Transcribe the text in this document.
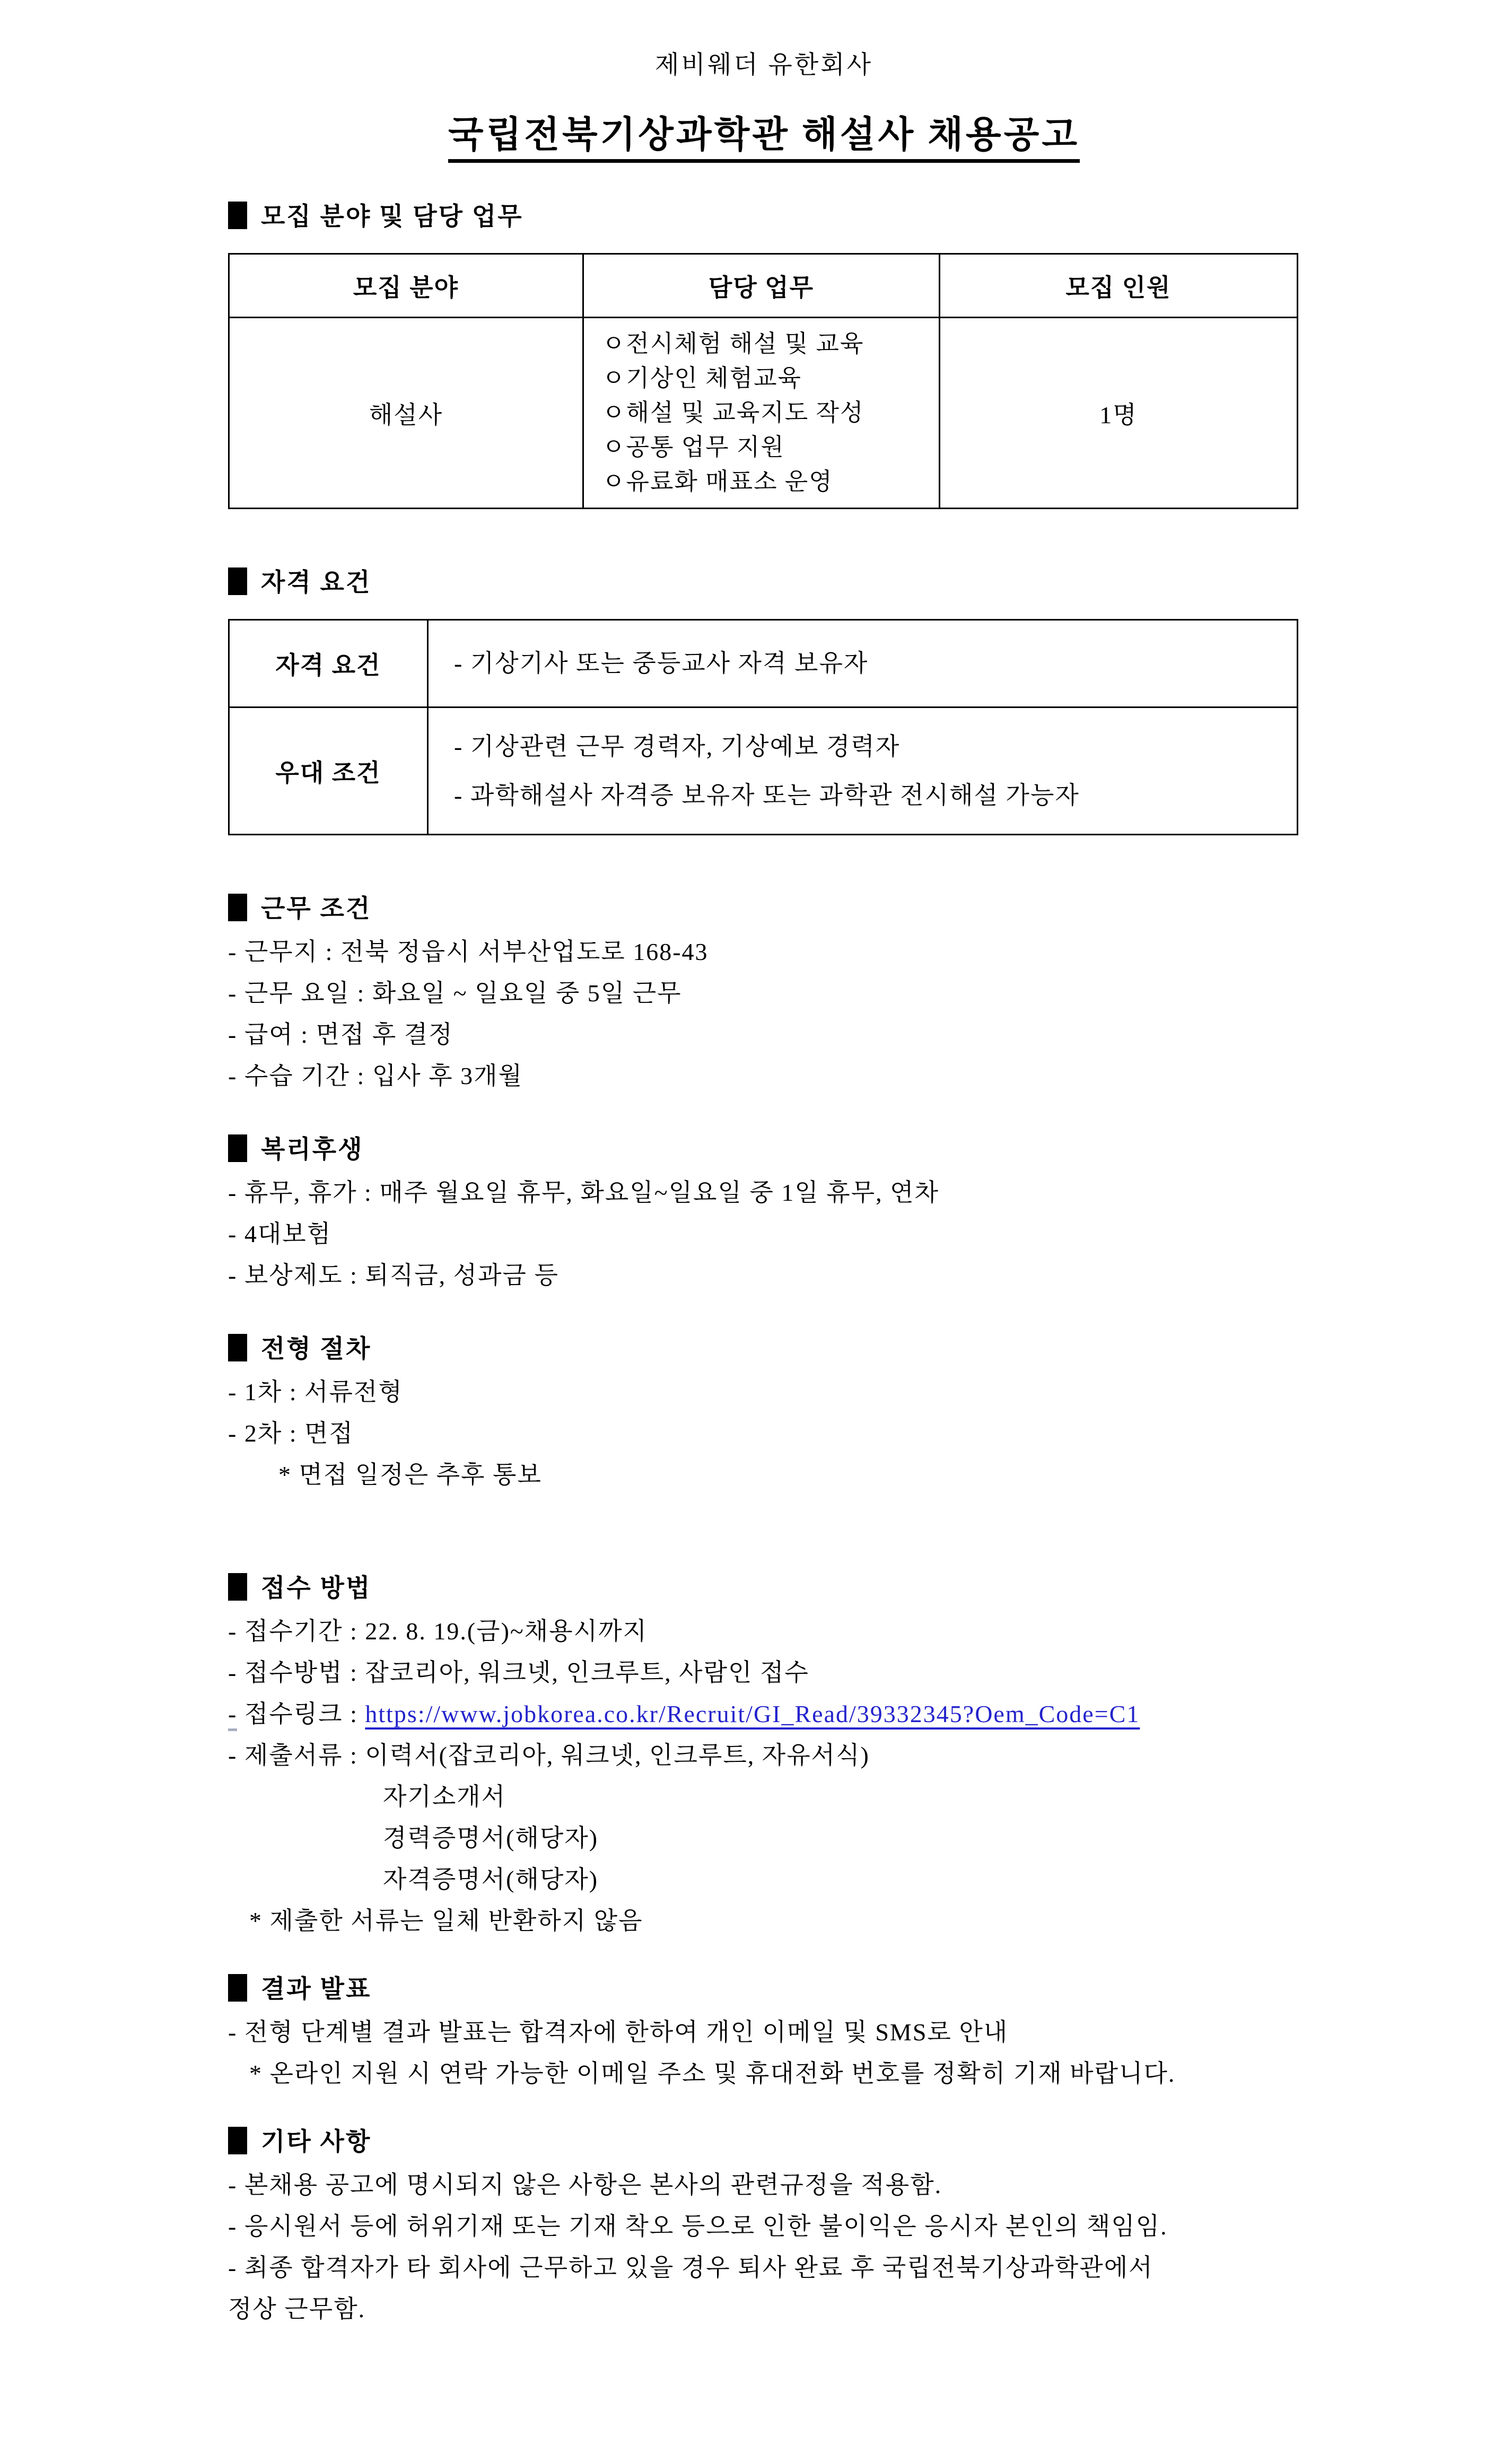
제비웨더 유한회사
국립전북기상과학관 해설사 채용공고
모집 분야 및 담당 업무
모집 분야	담당 업무	모집 인원
해설사	ㅇ전시체험 해설 및 교육
ㅇ기상인 체험교육
ㅇ해설 및 교육지도 작성
ㅇ공통 업무 지원
ㅇ유료화 매표소 운영	1명
자격 요건
자격 요건	- 기상기사 또는 중등교사 자격 보유자

우대 조건	- 기상관련 근무 경력자, 기상예보 경력자
- 과학해설사 자격증 보유자 또는 과학관 전시해설 가능자
근무 조건

- 근무지 : 전북 정읍시 서부산업도로 168-43

- 근무 요일 : 화요일 ~ 일요일 중 5일 근무

- 급여 : 면접 후 결정

- 수습 기간 : 입사 후 3개월

복리후생

- 휴무, 휴가 : 매주 월요일 휴무, 화요일~일요일 중 1일 휴무, 연차

- 4대보험

- 보상제도 : 퇴직금, 성과금 등

전형 절차

- 1차 : 서류전형

- 2차 : 면접

* 면접 일정은 추후 통보

접수 방법

- 접수기간 : 22. 8. 19.(금)~채용시까지

- 접수방법 : 잡코리아, 워크넷, 인크루트, 사람인 접수

- 접수링크 : https://www.jobkorea.co.kr/Recruit/GI_Read/39332345?Oem_Code=C1

- 제출서류 : 이력서(잡코리아, 워크넷, 인크루트, 자유서식)

자기소개서

경력증명서(해당자)

자격증명서(해당자)

* 제출한 서류는 일체 반환하지 않음

결과 발표

- 전형 단계별 결과 발표는 합격자에 한하여 개인 이메일 및 SMS로 안내

* 온라인 지원 시 연락 가능한 이메일 주소 및 휴대전화 번호를 정확히 기재 바랍니다.

기타 사항

- 본채용 공고에 명시되지 않은 사항은 본사의 관련규정을 적용함.

- 응시원서 등에 허위기재 또는 기재 착오 등으로 인한 불이익은 응시자 본인의 책임임.

- 최종 합격자가 타 회사에 근무하고 있을 경우 퇴사 완료 후 국립전북기상과학관에서

정상 근무함.
